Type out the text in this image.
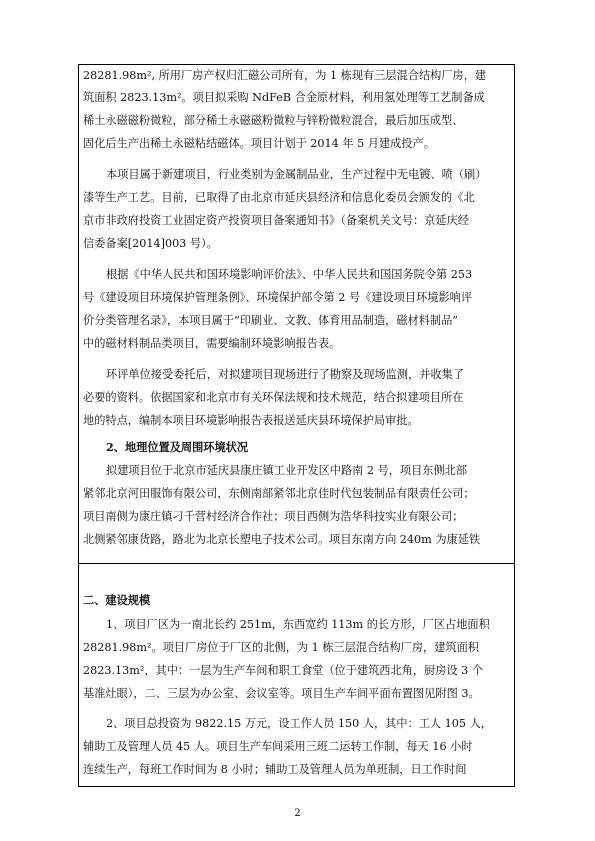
28281.98m², 所用厂房产权归汇磁公司所有，为 1 栋现有三层混合结构厂房，建
筑面积 2823.13m²。项目拟采购 NdFeB 合金原材料，利用氢处理等工艺制备成
稀土永磁磁粉微粒，部分稀土永磁磁粉微粒与锌粉微粒混合，最后加压成型、
固化后生产出稀土永磁粘结磁体。项目计划于 2014 年 5 月建成投产。
本项目属于新建项目，行业类别为金属制品业，生产过程中无电镀、喷（刷）
漆等生产工艺。目前，已取得了由北京市延庆县经济和信息化委员会颁发的《北
京市非政府投资工业固定资产投资项目备案通知书》（备案机关文号：京延庆经
信委备案[2014]003 号）。
根据《中华人民共和国环境影响评价法》、中华人民共和国国务院令第 253
号《建设项目环境保护管理条例》、环境保护部令第 2 号《建设项目环境影响评
价分类管理名录》，本项目属于“印刷业、文教、体育用品制造，磁材料制品”
中的磁材料制品类项目，需要编制环境影响报告表。
环评单位接受委托后，对拟建项目现场进行了勘察及现场监测，并收集了
必要的资料。依据国家和北京市有关环保法规和技术规范，结合拟建项目所在
地的特点，编制本项目环境影响报告表报送延庆县环境保护局审批。
2、地理位置及周围环境状况
拟建项目位于北京市延庆县康庄镇工业开发区中路南 2 号，项目东侧北部
紧邻北京河田服饰有限公司，东侧南部紧邻北京佳时代包装制品有限责任公司；
项目南侧为康庄镇刁千营村经济合作社；项目西侧为浩华科技实业有限公司；
北侧紧邻康货路，路北为北京长塑电子技术公司。项目东南方向 240m 为康延铁
二、建设规模
1、项目厂区为一南北长约 251m，东西宽约 113m 的长方形，厂区占地面积
28281.98m²。项目厂房位于厂区的北侧，为 1 栋三层混合结构厂房，建筑面积
2823.13m²，其中：一层为生产车间和职工食堂（位于建筑西北角，厨房设 3 个
基准灶眼），二、三层为办公室、会议室等。项目生产车间平面布置图见附图 3。
2、项目总投资为 9822.15 万元，设工作人员 150 人，其中：工人 105 人，
辅助工及管理人员 45 人。项目生产车间采用三班二运转工作制，每天 16 小时
连续生产，每班工作时间为 8 小时；辅助工及管理人员为单班制，日工作时间
2
